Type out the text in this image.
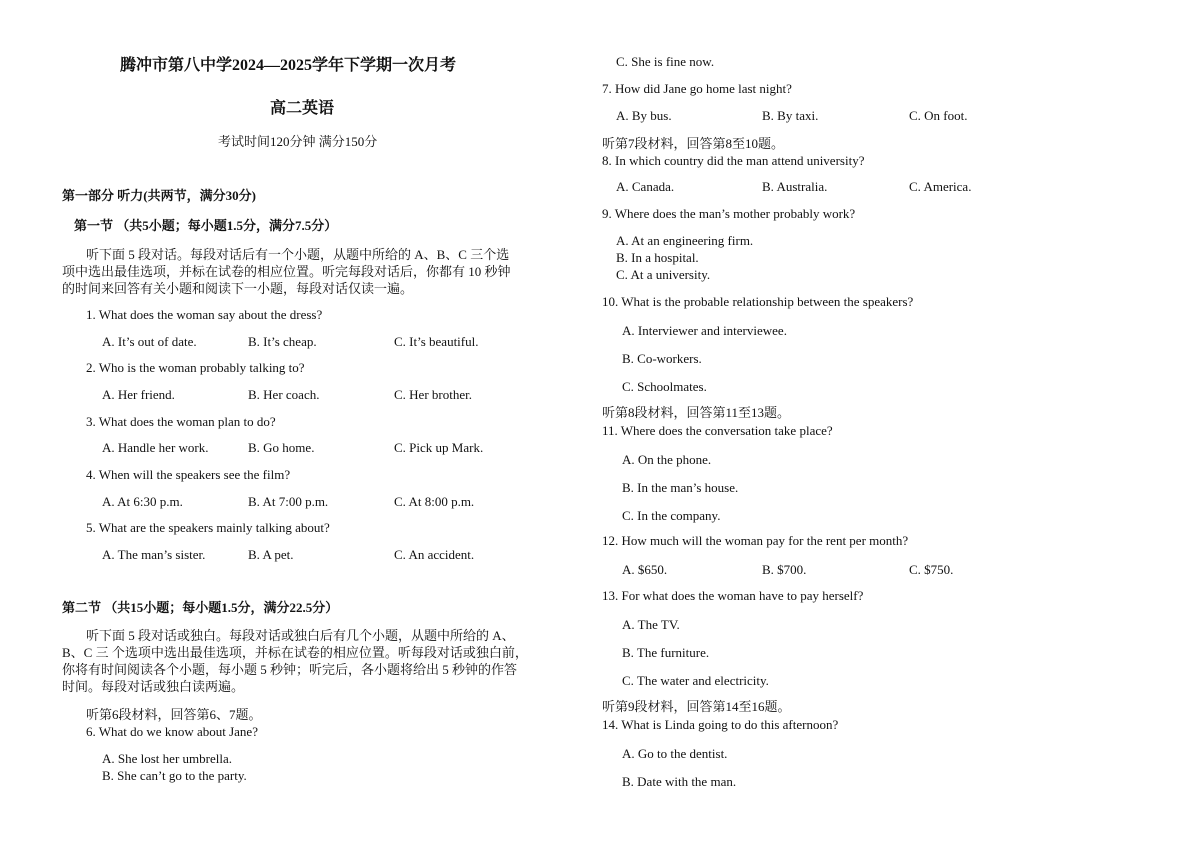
腾冲市第八中学2024—2025学年下学期一次月考
高二英语
考试时间120分钟 满分150分
第一部分 听力(共两节，满分30分)
第一节 （共5小题；每小题1.5分，满分7.5分）
听下面 5 段对话。每段对话后有一个小题，从题中所给的 A、B、C 三个选
项中选出最佳选项，并标在试卷的相应位置。听完每段对话后，你都有 10 秒钟
的时间来回答有关小题和阅读下一小题，每段对话仅读一遍。
1. What does the woman say about the dress?
A. It’s out of date.	B. It’s cheap.	C. It’s beautiful.
2. Who is the woman probably talking to?
A. Her friend.	B. Her coach.	C. Her brother.
3. What does the woman plan to do?
A. Handle her work.	B. Go home.	C. Pick up Mark.
4. When will the speakers see the film?
A. At 6:30 p.m.	B. At 7:00 p.m.	C. At 8:00 p.m.
5. What are the speakers mainly talking about?
A. The man’s sister.	B. A pet.	C. An accident.
第二节 （共15小题；每小题1.5分，满分22.5分）
听下面 5 段对话或独白。每段对话或独白后有几个小题，从题中所给的 A、
B、C 三 个选项中选出最佳选项，并标在试卷的相应位置。听每段对话或独白前，
你将有时间阅读各个小题，每小题 5 秒钟；听完后，各小题将给出 5 秒钟的作答
时间。每段对话或独白读两遍。
听第6段材料，回答第6、7题。
6. What do we know about Jane?
A. She lost her umbrella.
B. She can’t go to the party.
C. She is fine now.
7. How did Jane go home last night?
A. By bus.	B. By taxi.	C. On foot.
听第7段材料，回答第8至10题。
8. In which country did the man attend university?
A. Canada.	B. Australia.	C. America.
9. Where does the man’s mother probably work?
A. At an engineering firm.
B. In a hospital.
C. At a university.
10. What is the probable relationship between the speakers?
A. Interviewer and interviewee.
B. Co-workers.
C. Schoolmates.
听第8段材料，回答第11至13题。
11. Where does the conversation take place?
A. On the phone.
B. In the man’s house.
C. In the company.
12. How much will the woman pay for the rent per month?
A. $650.	B. $700.	C. $750.
13. For what does the woman have to pay herself?
A. The TV.
B. The furniture.
C. The water and electricity.
听第9段材料，回答第14至16题。
14. What is Linda going to do this afternoon?
A. Go to the dentist.
B. Date with the man.
